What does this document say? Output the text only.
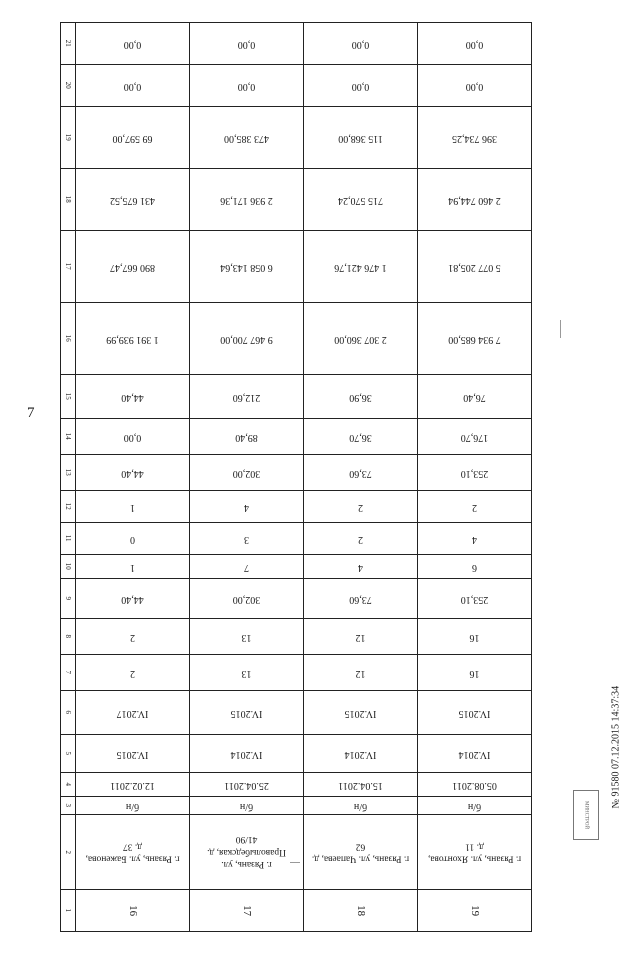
7
21	0,00	0,00	0,00	0,00

20	0,00	0,00	0,00	0,00

19	69 597,00	473 385,00	115 368,00	396 734,25

18	431 675,52	2 936 171,36	715 570,24	2 460 744,94

17	890 667,47	6 058 143,64	1 476 421,76	5 077 205,81

16	1 391 939,99	9 467 700,00	2 307 360,00	7 934 685,00

15	44,40	212,60	36,90	76,40

14	0,00	89,40	36,70	176,70

13	44,40	302,00	73,60	253,10

12	1	4	2	2

11	0	3	2	4

10	1	7	4	6

9	44,40	302,00	73,60	253,10

8	2	13	12	16

7	2	13	12	16

6	IV.2017	IV.2015	IV.2015	IV.2015

5	IV.2015	IV.2014	IV.2014	IV.2014

4	12.02.2011	25.04.2011	15.04.2011	05.08.2011

3	б/н	б/н	б/н	б/н

2	г. Рязань, ул. Баженова, д. 37	г. Рязань, ул. Праволыбедская, д. 41/90	г. Рязань, ул. Чапаева, д. 62	г. Рязань, ул. Яхонтова, д. 11

1	16	17	18	19
№ 91580 07.12.2015 14:37:34
МИНСТРОЙ
